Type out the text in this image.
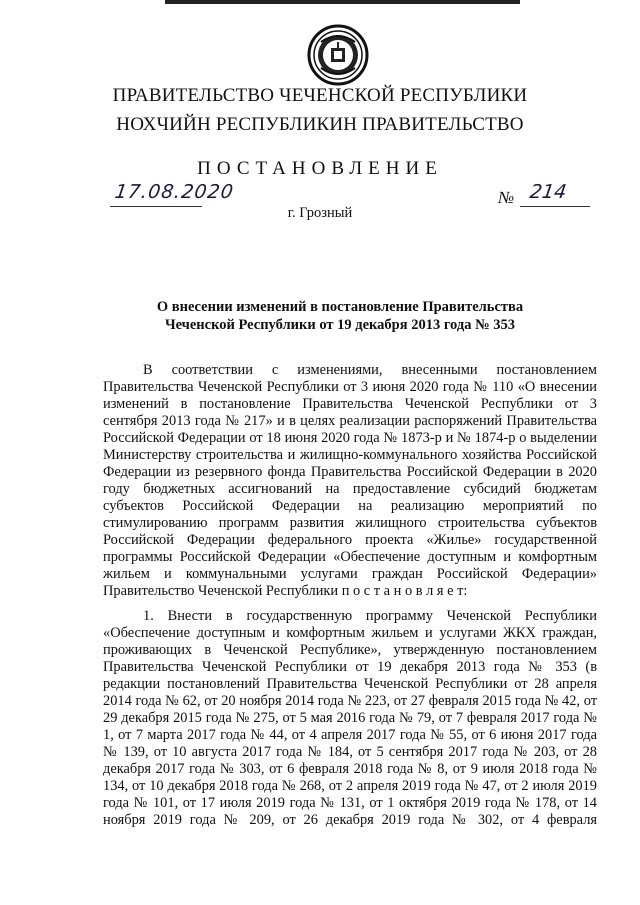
ПРАВИТЕЛЬСТВО ЧЕЧЕНСКОЙ РЕСПУБЛИКИ
НОХЧИЙН РЕСПУБЛИКИН ПРАВИТЕЛЬСТВО
ПОСТАНОВЛЕНИЕ
17.08.2020	№ 214
г. Грозный
О внесении изменений в постановление Правительства
Чеченской Республики от 19 декабря 2013 года № 353
В соответствии с изменениями, внесенными постановлением Правительства Чеченской Республики от 3 июня 2020 года № 110 «О внесении изменений в постановление Правительства Чеченской Республики от 3 сентября 2013 года № 217» и в целях реализации распоряжений Правительства Российской Федерации от 18 июня 2020 года № 1873-р и № 1874-р о выделении Министерству строительства и жилищно-коммунального хозяйства Российской Федерации из резервного фонда Правительства Российской Федерации в 2020 году бюджетных ассигнований на предоставление субсидий бюджетам субъектов Российской Федерации на реализацию мероприятий по стимулированию программ развития жилищного строительства субъектов Российской Федерации федерального проекта «Жилье» государственной программы Российской Федерации «Обеспечение доступным и комфортным жильем и коммунальными услугами граждан Российской Федерации» Правительство Чеченской Республики п о с т а н о в л я е т:
1. Внести в государственную программу Чеченской Республики «Обеспечение доступным и комфортным жильем и услугами ЖКХ граждан, проживающих в Чеченской Республике», утвержденную постановлением Правительства Чеченской Республики от 19 декабря 2013 года № 353 (в редакции постановлений Правительства Чеченской Республики от 28 апреля 2014 года № 62, от 20 ноября 2014 года № 223, от 27 февраля 2015 года № 42, от 29 декабря 2015 года № 275, от 5 мая 2016 года № 79, от 7 февраля 2017 года № 1, от 7 марта 2017 года № 44, от 4 апреля 2017 года № 55, от 6 июня 2017 года № 139, от 10 августа 2017 года № 184, от 5 сентября 2017 года № 203, от 28 декабря 2017 года № 303, от 6 февраля 2018 года № 8, от 9 июля 2018 года № 134, от 10 декабря 2018 года № 268, от 2 апреля 2019 года № 47, от 2 июля 2019 года № 101, от 17 июля 2019 года № 131, от 1 октября 2019 года № 178, от 14 ноября 2019 года № 209, от 26 декабря 2019 года № 302, от 4 февраля
